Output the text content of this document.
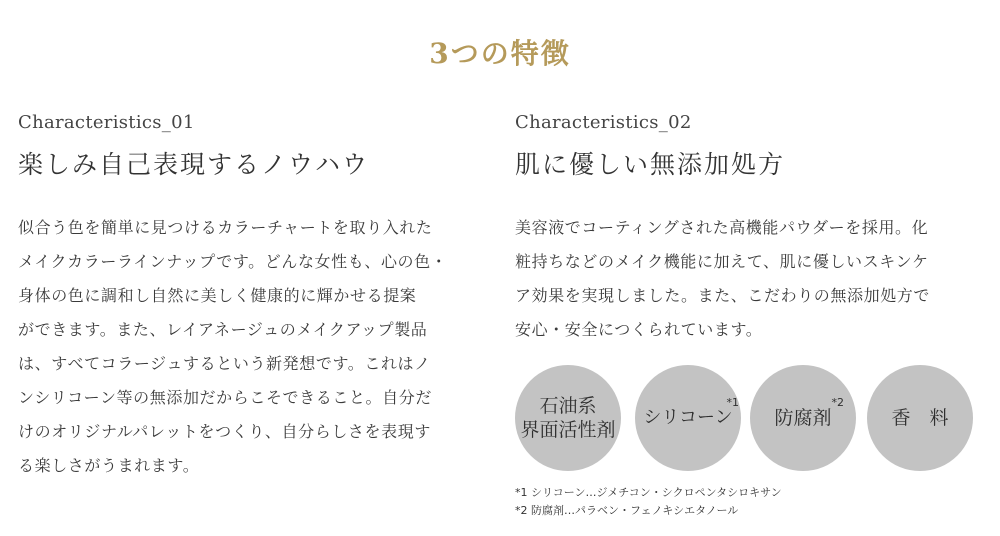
3つの特徴
Characteristics_01
楽しみ自己表現するノウハウ
似合う色を簡単に見つけるカラーチャートを取り入れた
メイクカラーラインナップです。どんな女性も、心の色・
身体の色に調和し自然に美しく健康的に輝かせる提案
ができます。また、レイアネージュのメイクアップ製品
は、すべてコラージュするという新発想です。これはノ
ンシリコーン等の無添加だからこそできること。自分だ
けのオリジナルパレットをつくり、自分らしさを表現す
る楽しさがうまれます。
Characteristics_02
肌に優しい無添加処方
美容液でコーティングされた高機能パウダーを採用。化
粧持ちなどのメイク機能に加えて、肌に優しいスキンケ
ア効果を実現しました。また、こだわりの無添加処方で
安心・安全につくられています。
石油系
界面活性剤
シリコーン
*1
防腐剤
*2
香　料
*1 シリコーン…ジメチコン・シクロペンタシロキサン
*2 防腐剤…パラベン・フェノキシエタノール
